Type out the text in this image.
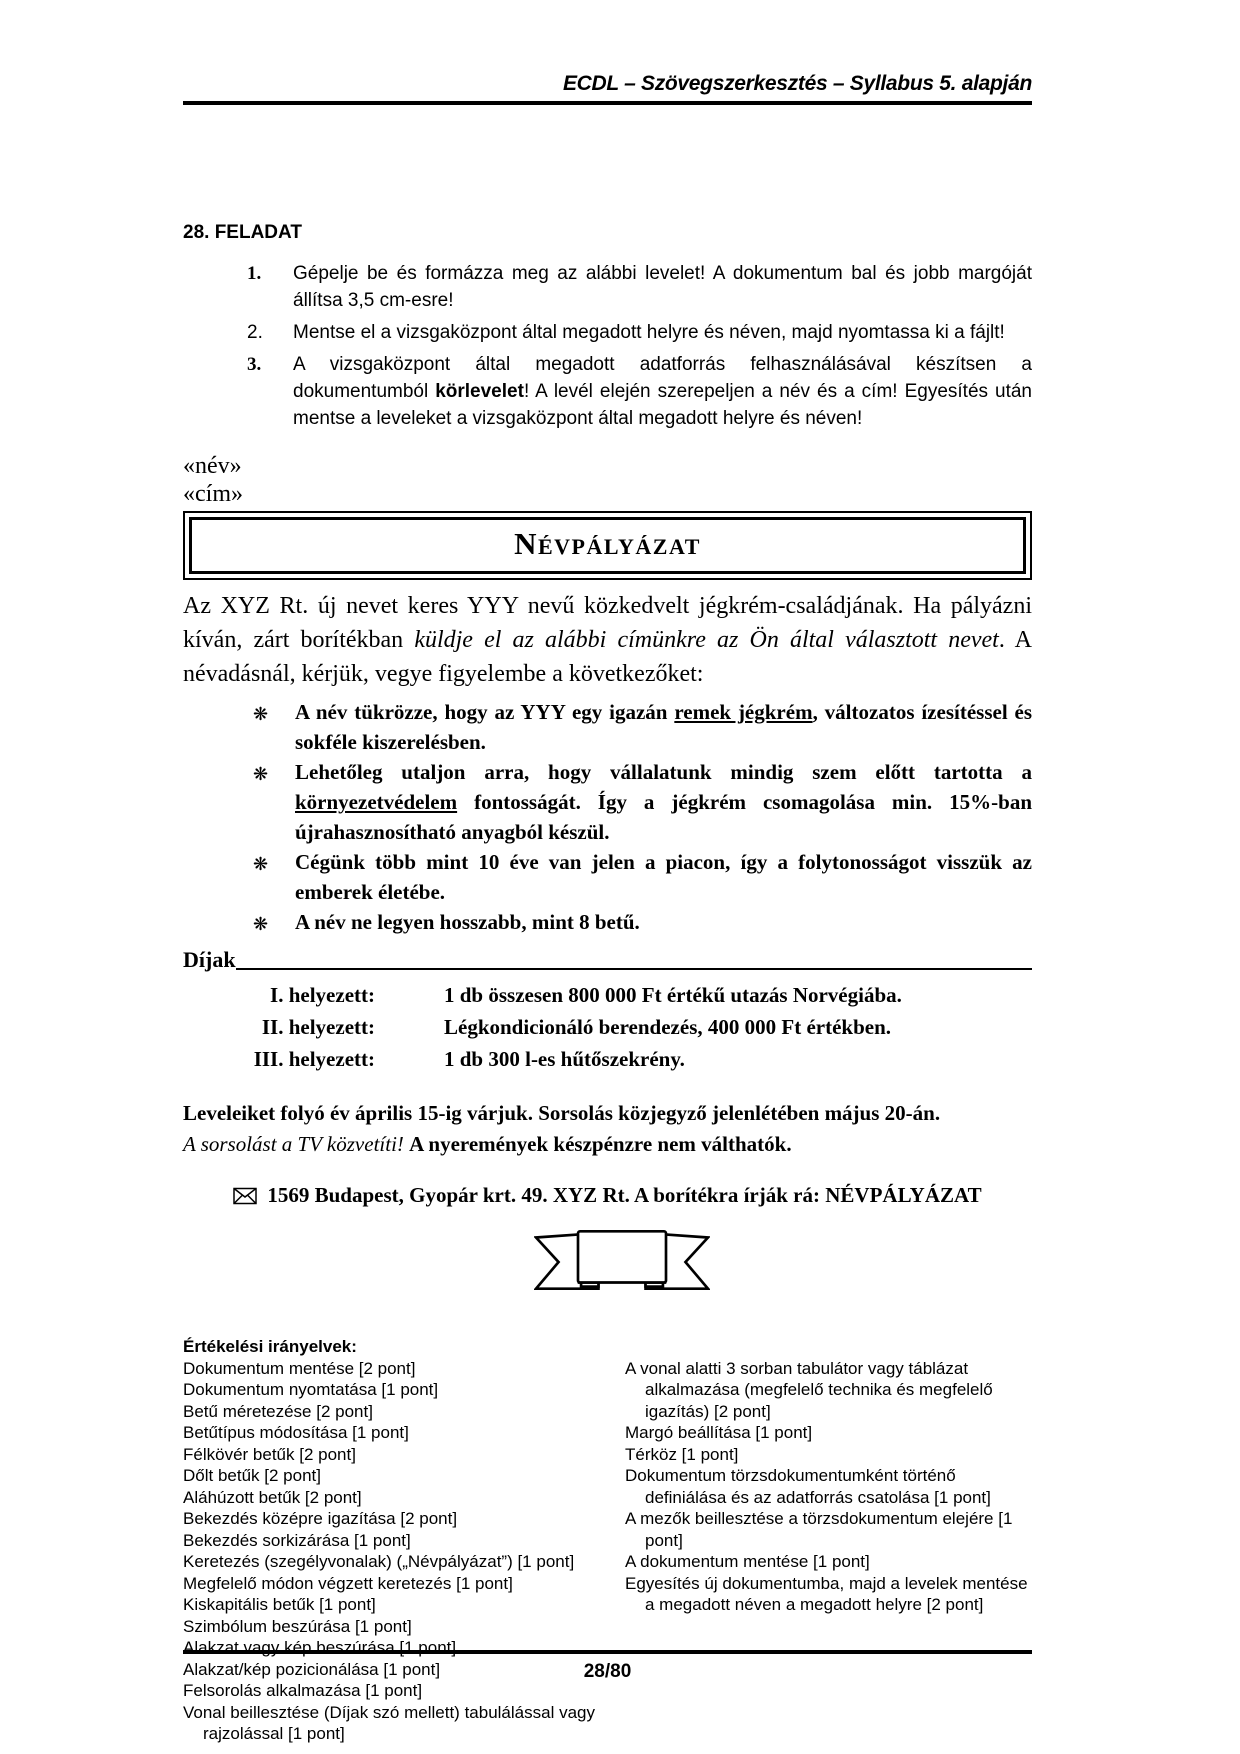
ECDL – Szövegszerkesztés – Syllabus 5. alapján
28. FELADAT
1.	Gépelje be és formázza meg az alábbi levelet! A dokumentum bal és jobb margóját állítsa 3,5 cm-esre!
2.	Mentse el a vizsgaközpont által megadott helyre és néven, majd nyomtassa ki a fájlt!
3.	A vizsgaközpont által megadott adatforrás felhasználásával készítsen a dokumentumból körlevelet! A levél elején szerepeljen a név és a cím! Egyesítés után mentse a leveleket a vizsgaközpont által megadott helyre és néven!
«név»
«cím»
Névpályázat

Az XYZ Rt. új nevet keres YYY nevű közkedvelt jégkrém-családjának. Ha pályázni kíván, zárt borítékban küldje el az alábbi címünkre az Ön által választott nevet. A névadásnál, kérjük, vegye figyelembe a következőket:

❋	A név tükrözze, hogy az YYY egy igazán remek jégkrém, változatos ízesítéssel és sokféle kiszerelésben.
❋	Lehetőleg utaljon arra, hogy vállalatunk mindig szem előtt tartotta a környezetvédelem fontosságát. Így a jégkrém csomagolása min. 15%-ban újrahasznosítható anyagból készül.
❋	Cégünk több mint 10 éve van jelen a piacon, így a folytonosságot visszük az emberek életébe.
❋	A név ne legyen hosszabb, mint 8 betű.
Díjak
I. helyezett:	1 db összesen 800 000 Ft értékű utazás Norvégiába.
II. helyezett:	Légkondicionáló berendezés, 400 000 Ft értékben.
III. helyezett:	1 db 300 l-es hűtőszekrény.

Leveleiket folyó év április 15-ig várjuk. Sorsolás közjegyző jelenlétében május 20-án.

A sorsolást a TV közvetíti! A nyeremények készpénzre nem válthatók.

1569 Budapest, Gyopár krt. 49. XYZ Rt. A borítékra írják rá: NÉVPÁLYÁZAT

Értékelési irányelvek:
Dokumentum mentése [2 pont]
Dokumentum nyomtatása [1 pont]
Betű méretezése [2 pont]
Betűtípus módosítása [1 pont]
Félkövér betűk [2 pont]
Dőlt betűk [2 pont]
Aláhúzott betűk [2 pont]
Bekezdés középre igazítása [2 pont]
Bekezdés sorkizárása [1 pont]
Keretezés (szegélyvonalak) („Névpályázat”) [1 pont]
Megfelelő módon végzett keretezés [1 pont]
Kiskapitális betűk [1 pont]
Szimbólum beszúrása [1 pont]
Alakzat vagy kép beszúrása [1 pont]
Alakzat/kép pozicionálása [1 pont]
Felsorolás alkalmazása [1 pont]
Vonal beillesztése (Díjak szó mellett) tabulálással vagy rajzolással [1 pont]
A vonal alatti 3 sorban tabulátor vagy táblázat alkalmazása (megfelelő technika és megfelelő igazítás) [2 pont]
Margó beállítása [1 pont]
Térköz [1 pont]
Dokumentum törzsdokumentumként történő definiálása és az adatforrás csatolása [1 pont]
A mezők beillesztése a törzsdokumentum elejére [1 pont]
A dokumentum mentése [1 pont]
Egyesítés új dokumentumba, majd a levelek mentése a megadott néven a megadott helyre [2 pont]
28/80
